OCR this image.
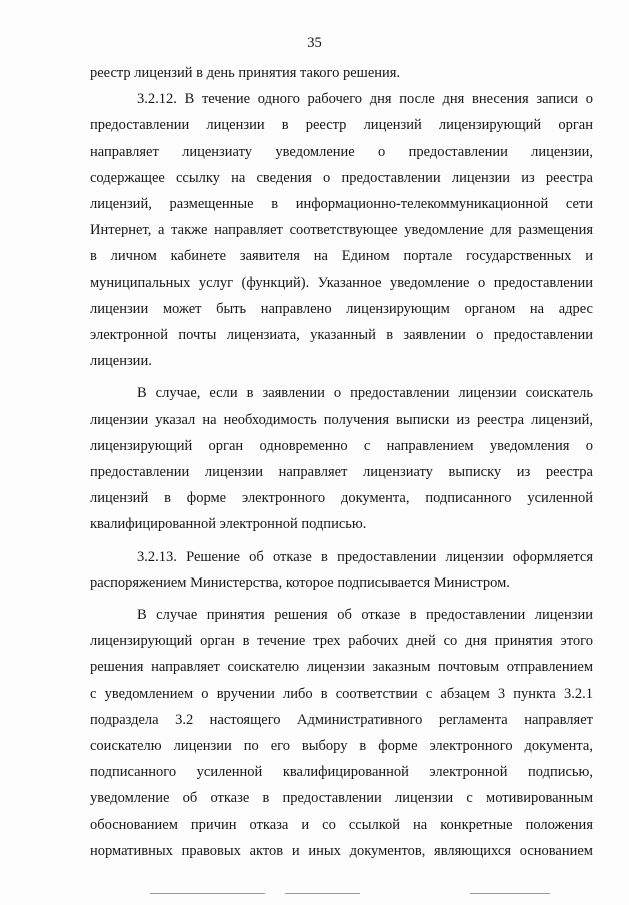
35

реестр лицензий в день принятия такого решения.

3.2.12. В течение одного рабочего дня после дня внесения записи о

предоставлении лицензии в реестр лицензий лицензирующий орган

направляет лицензиату уведомление о предоставлении лицензии,

содержащее ссылку на сведения о предоставлении лицензии из реестра

лицензий, размещенные в информационно-телекоммуникационной сети

Интернет, а также направляет соответствующее уведомление для размещения

в личном кабинете заявителя на Едином портале государственных и

муниципальных услуг (функций). Указанное уведомление о предоставлении

лицензии может быть направлено лицензирующим органом на адрес

электронной почты лицензиата, указанный в заявлении о предоставлении

лицензии.

В случае, если в заявлении о предоставлении лицензии соискатель

лицензии указал на необходимость получения выписки из реестра лицензий,

лицензирующий орган одновременно с направлением уведомления о

предоставлении лицензии направляет лицензиату выписку из реестра

лицензий в форме электронного документа, подписанного усиленной

квалифицированной электронной подписью.

3.2.13. Решение об отказе в предоставлении лицензии оформляется

распоряжением Министерства, которое подписывается Министром.

В случае принятия решения об отказе в предоставлении лицензии

лицензирующий орган в течение трех рабочих дней со дня принятия этого

решения направляет соискателю лицензии заказным почтовым отправлением

с уведомлением о вручении либо в соответствии с абзацем 3 пункта 3.2.1

подраздела 3.2 настоящего Административного регламента направляет

соискателю лицензии по его выбору в форме электронного документа,

подписанного усиленной квалифицированной электронной подписью,

уведомление об отказе в предоставлении лицензии с мотивированным

обоснованием причин отказа и со ссылкой на конкретные положения

нормативных правовых актов и иных документов, являющихся основанием
